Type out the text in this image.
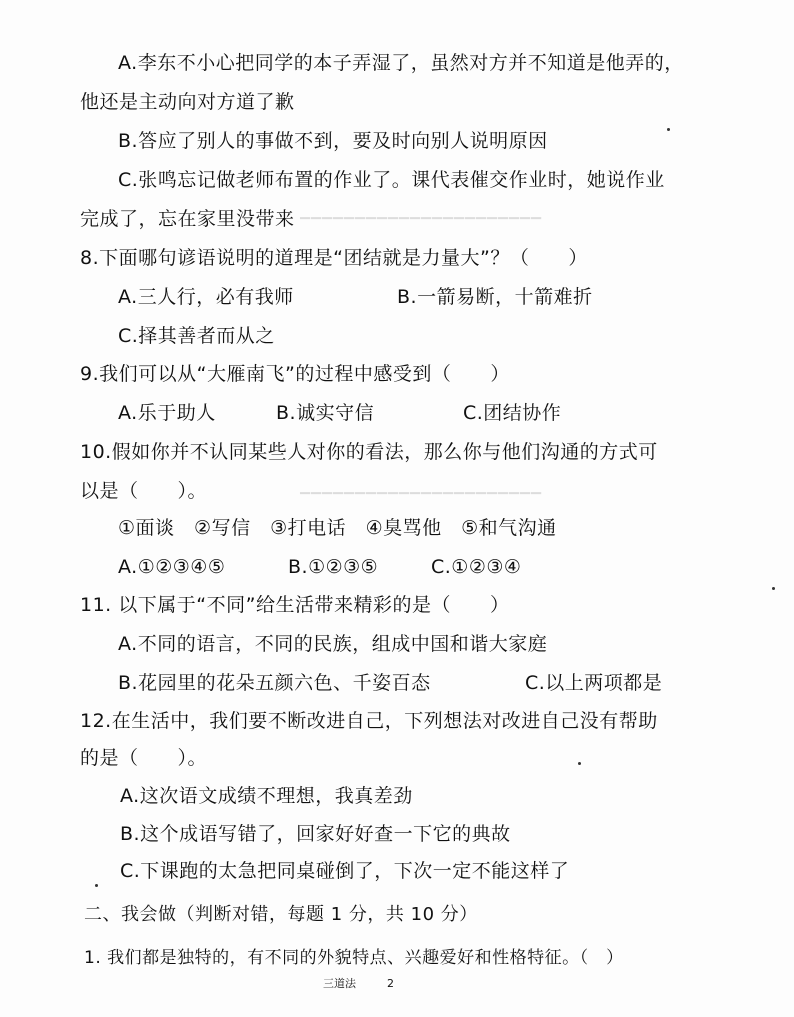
▁▁▁▁▁▁▁▁▁▁▁▁▁▁▁▁▁▁▁▁▁▁
▁▁▁▁▁▁▁▁▁▁▁▁▁▁▁▁▁▁▁▁▁▁
A.李东不小心把同学的本子弄湿了，虽然对方并不知道是他弄的，
他还是主动向对方道了歉
B.答应了别人的事做不到，要及时向别人说明原因
C.张鸣忘记做老师布置的作业了。课代表催交作业时，她说作业
完成了，忘在家里没带来
8.下面哪句谚语说明的道理是“团结就是力量大”？（　　）
A.三人行，必有我师	B.一箭易断，十箭难折
C.择其善者而从之
9.我们可以从“大雁南飞”的过程中感受到（　　）
A.乐于助人	B.诚实守信	C.团结协作
10.假如你并不认同某些人对你的看法，那么你与他们沟通的方式可
以是（　　）。
①面谈　②写信　③打电话　④臭骂他　⑤和气沟通
A.①②③④⑤	B.①②③⑤	C.①②③④
11. 以下属于“不同”给生活带来精彩的是（　　）
A.不同的语言，不同的民族，组成中国和谐大家庭
B.花园里的花朵五颜六色、千姿百态	C.以上两项都是
12.在生活中，我们要不断改进自己，下列想法对改进自己没有帮助
的是（　　）。
A.这次语文成绩不理想，我真差劲
B.这个成语写错了，回家好好查一下它的典故
C.下课跑的太急把同桌碰倒了，下次一定不能这样了
二、我会做（判断对错，每题 1 分，共 10 分）
1. 我们都是独特的，有不同的外貌特点、兴趣爱好和性格特征。（　）
三道法	2
